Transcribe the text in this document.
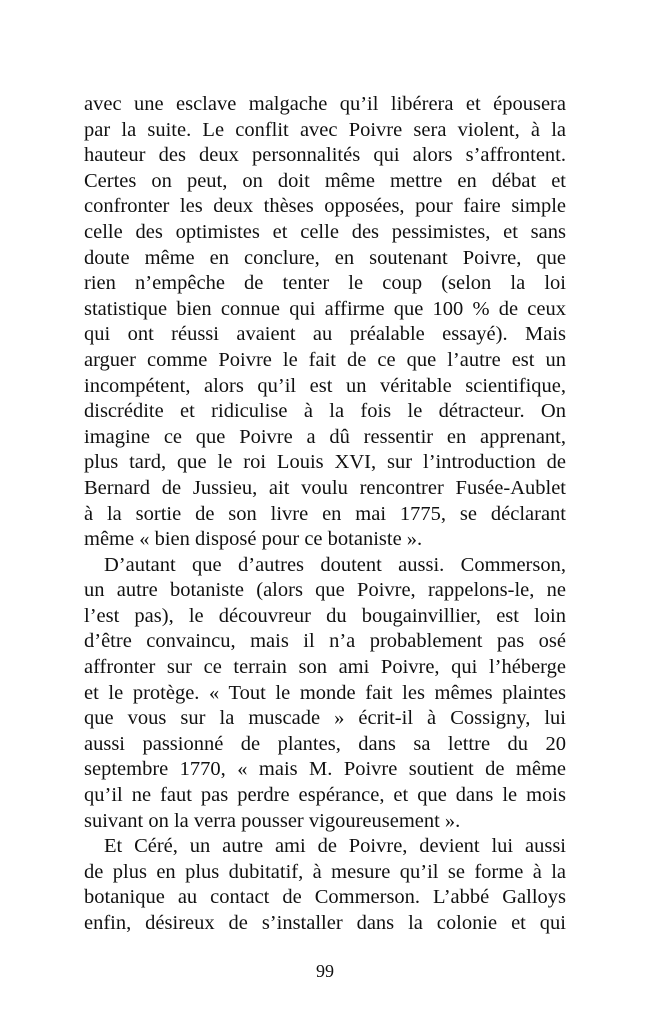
avec une esclave malgache qu’il libérera et épousera
par la suite. Le conflit avec Poivre sera violent, à la
hauteur des deux personnalités qui alors s’affrontent.
Certes on peut, on doit même mettre en débat et
confronter les deux thèses opposées, pour faire simple
celle des optimistes et celle des pessimistes, et sans
doute même en conclure, en soutenant Poivre, que
rien n’empêche de tenter le coup (selon la loi
statistique bien connue qui affirme que 100 % de ceux
qui ont réussi avaient au préalable essayé). Mais
arguer comme Poivre le fait de ce que l’autre est un
incompétent, alors qu’il est un véritable scientifique,
discrédite et ridiculise à la fois le détracteur. On
imagine ce que Poivre a dû ressentir en apprenant,
plus tard, que le roi Louis XVI, sur l’introduction de
Bernard de Jussieu, ait voulu rencontrer Fusée-Aublet
à la sortie de son livre en mai 1775, se déclarant
même « bien disposé pour ce botaniste ».
D’autant que d’autres doutent aussi. Commerson,
un autre botaniste (alors que Poivre, rappelons-le, ne
l’est pas), le découvreur du bougainvillier, est loin
d’être convaincu, mais il n’a probablement pas osé
affronter sur ce terrain son ami Poivre, qui l’héberge
et le protège. « Tout le monde fait les mêmes plaintes
que vous sur la muscade » écrit-il à Cossigny, lui
aussi passionné de plantes, dans sa lettre du 20
septembre 1770, « mais M. Poivre soutient de même
qu’il ne faut pas perdre espérance, et que dans le mois
suivant on la verra pousser vigoureusement ».
Et Céré, un autre ami de Poivre, devient lui aussi
de plus en plus dubitatif, à mesure qu’il se forme à la
botanique au contact de Commerson. L’abbé Galloys
enfin, désireux de s’installer dans la colonie et qui
99
